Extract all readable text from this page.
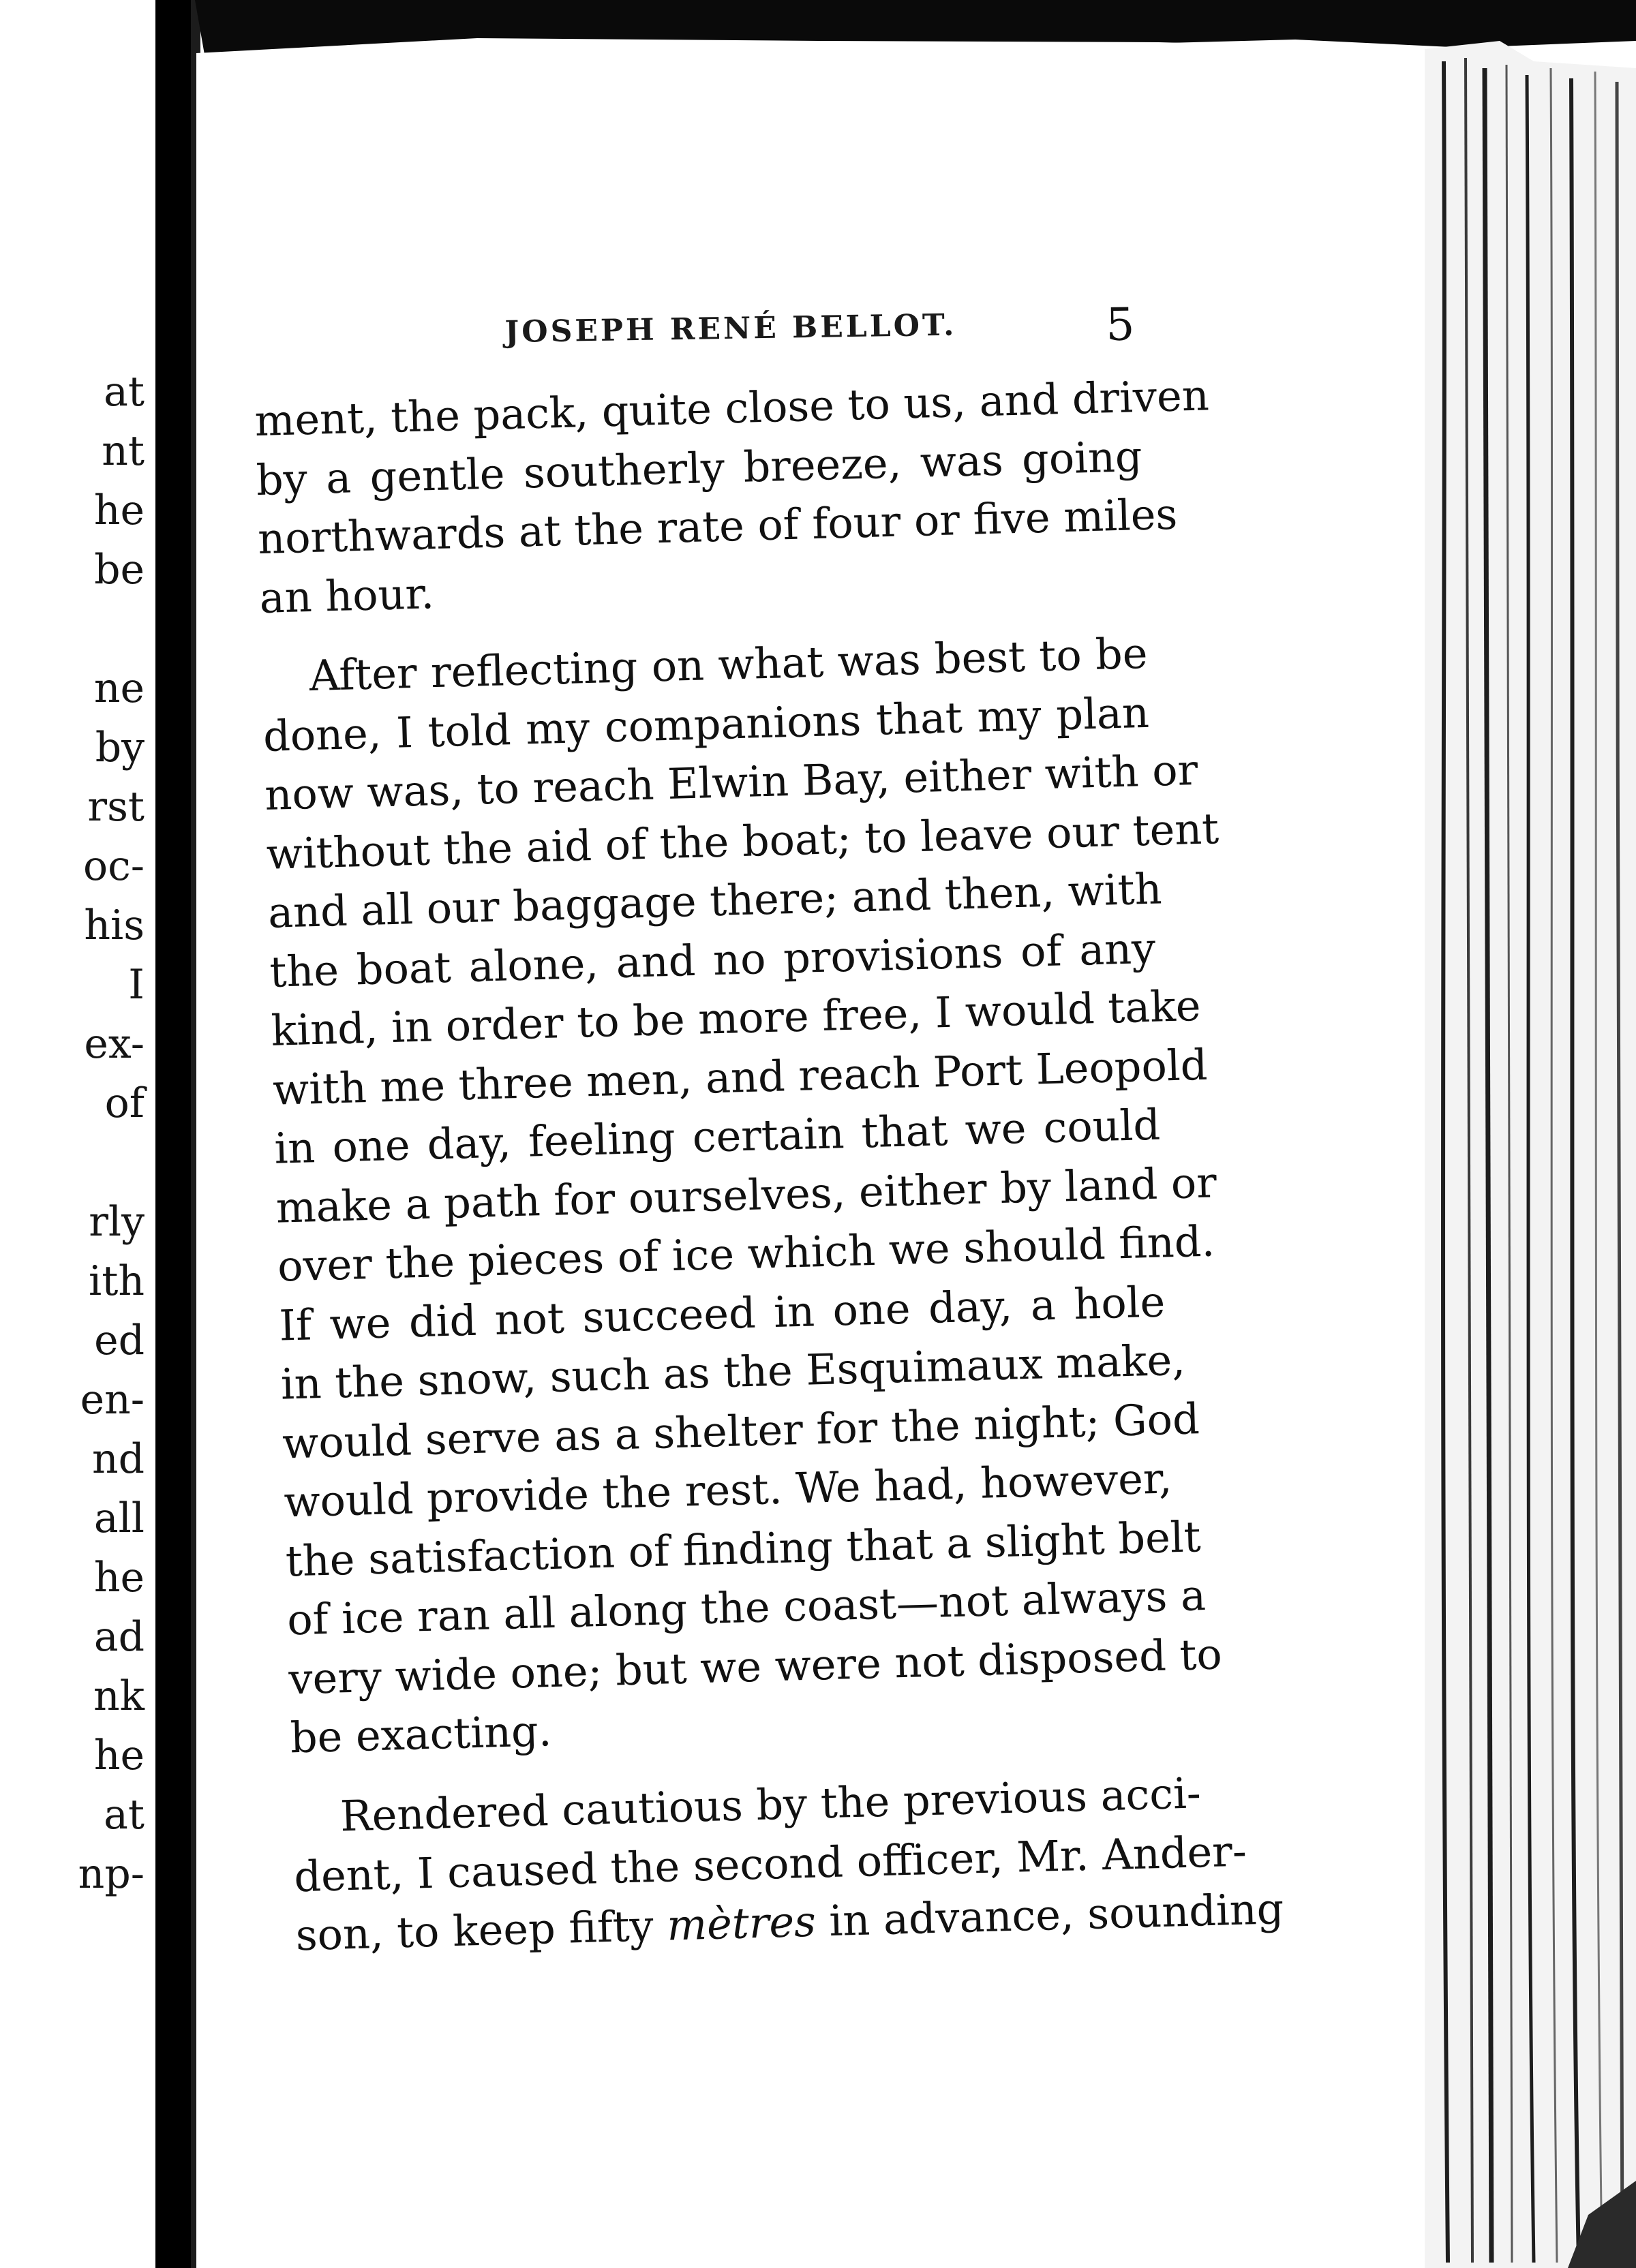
at
nt
he
be
ne
by
rst
oc-
his
I
ex-
of
rly
ith
ed
en-
nd
all
he
ad
nk
he
at
np-
JOSEPH RENÉ BELLOT.	5
ment, the pack, quite close to us, and driven
by a gentle southerly breeze, was going
northwards at the rate of four or five miles
an hour.
After reflecting on what was best to be
done, I told my companions that my plan
now was, to reach Elwin Bay, either with or
without the aid of the boat; to leave our tent
and all our baggage there; and then, with
the boat alone, and no provisions of any
kind, in order to be more free, I would take
with me three men, and reach Port Leopold
in one day, feeling certain that we could
make a path for ourselves, either by land or
over the pieces of ice which we should find.
If we did not succeed in one day, a hole
in the snow, such as the Esquimaux make,
would serve as a shelter for the night; God
would provide the rest. We had, however,
the satisfaction of finding that a slight belt
of ice ran all along the coast—not always a
very wide one; but we were not disposed to
be exacting.
Rendered cautious by the previous acci-
dent, I caused the second officer, Mr. Ander-
son, to keep fifty mètres in advance, sounding
